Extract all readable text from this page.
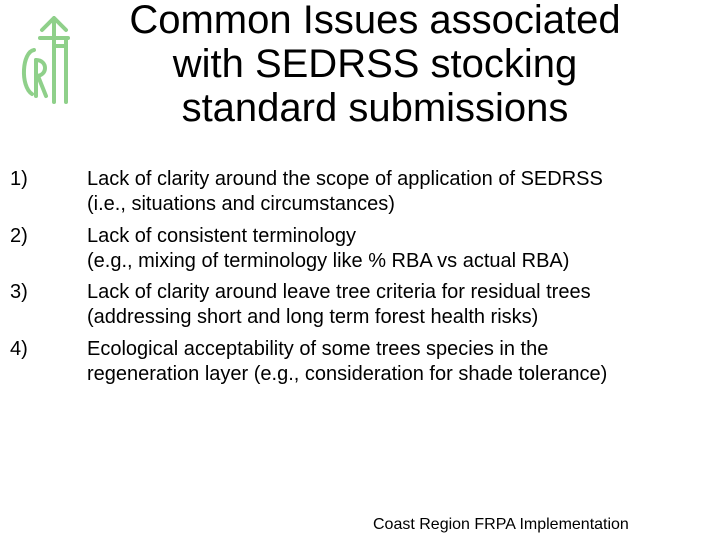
Common Issues associated
with SEDRSS stocking
standard submissions
1)	Lack of clarity around the scope of application of SEDRSS
(i.e., situations and circumstances)
2)	Lack of consistent terminology
(e.g., mixing of terminology like % RBA vs actual RBA)
3)	Lack of clarity around leave tree criteria for residual trees
(addressing short and long term forest health risks)
4)	Ecological acceptability of some trees species in the
regeneration layer (e.g., consideration for shade tolerance)
Coast Region FRPA Implementation
